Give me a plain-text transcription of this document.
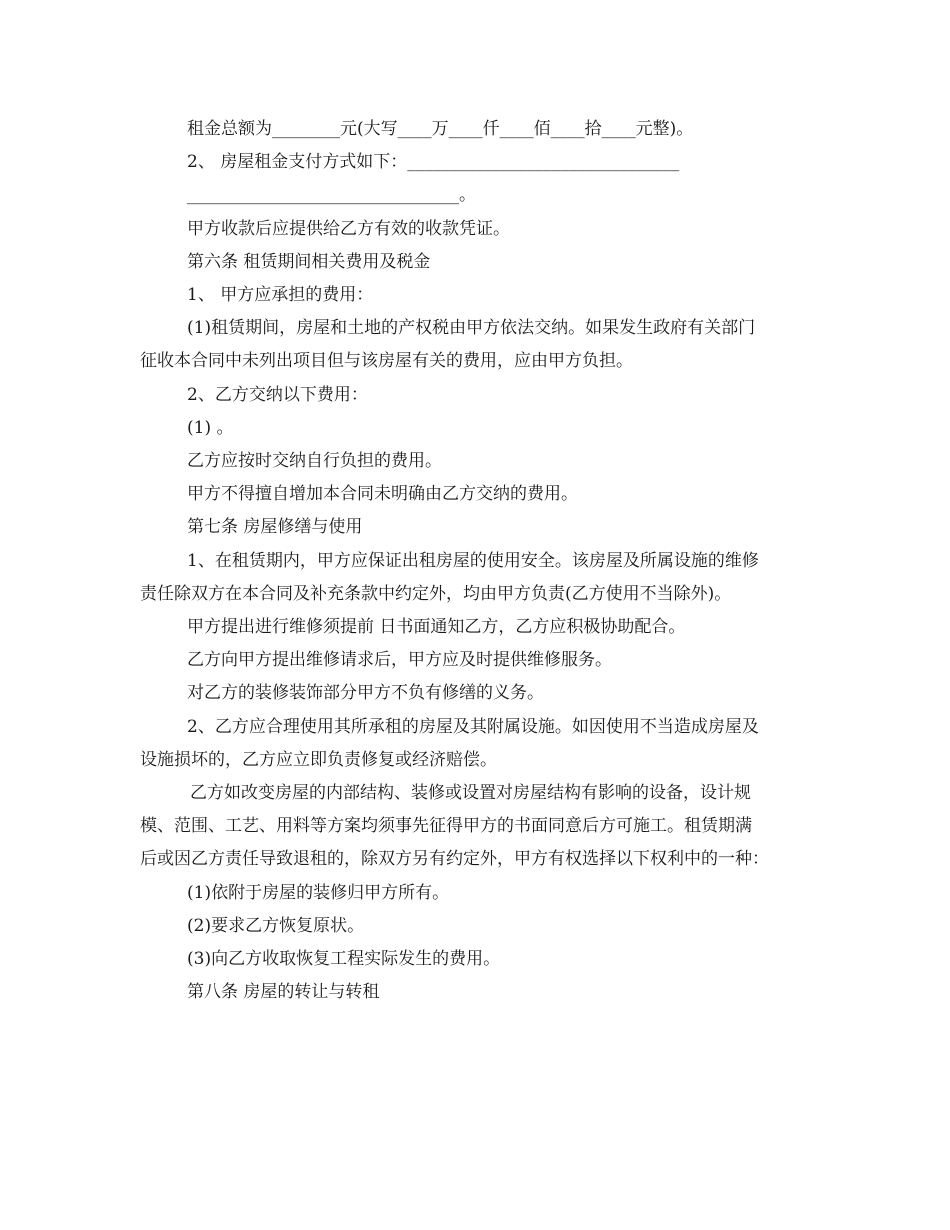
租金总额为________元(大写____万____仟____佰____拾____元整)。
2、 房屋租金支付方式如下：________________________________
________________________________。
甲方收款后应提供给乙方有效的收款凭证。
第六条 租赁期间相关费用及税金
1、 甲方应承担的费用：
(1)租赁期间，房屋和土地的产权税由甲方依法交纳。如果发生政府有关部门
征收本合同中未列出项目但与该房屋有关的费用，应由甲方负担。
2、乙方交纳以下费用：
(1) 。
乙方应按时交纳自行负担的费用。
甲方不得擅自增加本合同未明确由乙方交纳的费用。
第七条 房屋修缮与使用
1、在租赁期内，甲方应保证出租房屋的使用安全。该房屋及所属设施的维修
责任除双方在本合同及补充条款中约定外，均由甲方负责(乙方使用不当除外)。
甲方提出进行维修须提前 日书面通知乙方，乙方应积极协助配合。
乙方向甲方提出维修请求后，甲方应及时提供维修服务。
对乙方的装修装饰部分甲方不负有修缮的义务。
2、乙方应合理使用其所承租的房屋及其附属设施。如因使用不当造成房屋及
设施损坏的，乙方应立即负责修复或经济赔偿。
乙方如改变房屋的内部结构、装修或设置对房屋结构有影响的设备，设计规
模、范围、工艺、用料等方案均须事先征得甲方的书面同意后方可施工。租赁期满
后或因乙方责任导致退租的，除双方另有约定外，甲方有权选择以下权利中的一种：
(1)依附于房屋的装修归甲方所有。
(2)要求乙方恢复原状。
(3)向乙方收取恢复工程实际发生的费用。
第八条 房屋的转让与转租
